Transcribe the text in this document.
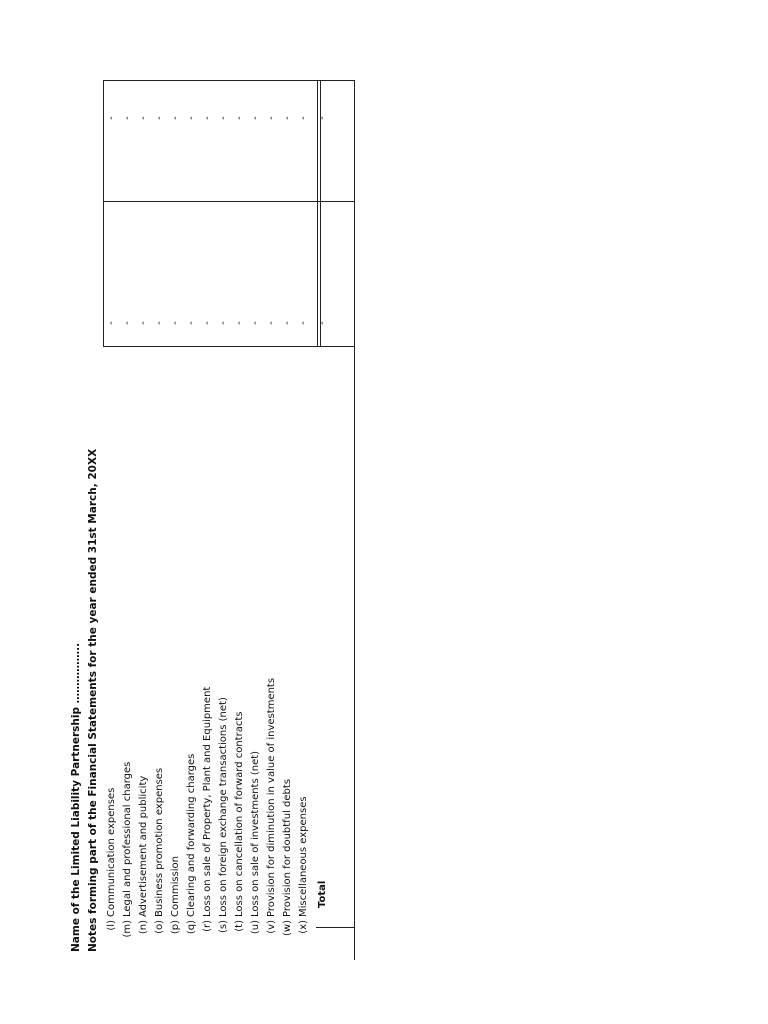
Name of the Limited Liability Partnership …………….. Notes forming part of the Financial Statements for the year ended 31st March, 20XX (l)
Communication expenses
-
-
(m)
Legal and professional charges
-
-
(n)
Advertisement and publicity
-
-
(o)
Business promotion expenses
-
-
(p)
Commission
-
-
(q)
Clearing and forwarding charges
-
-
(r)
Loss on sale of Property, Plant and Equipment
-
-
(s)
Loss on foreign exchange transactions (net)
-
-
(t)
Loss on cancellation of forward contracts
-
-
(u)
Loss on sale of investments (net)
-
-
(v)
Provision for diminution in value of investments
-
-
(w)
Provision for doubtful debts
-
-
(x)
Miscellaneous expenses
-
-
Total
-
-
